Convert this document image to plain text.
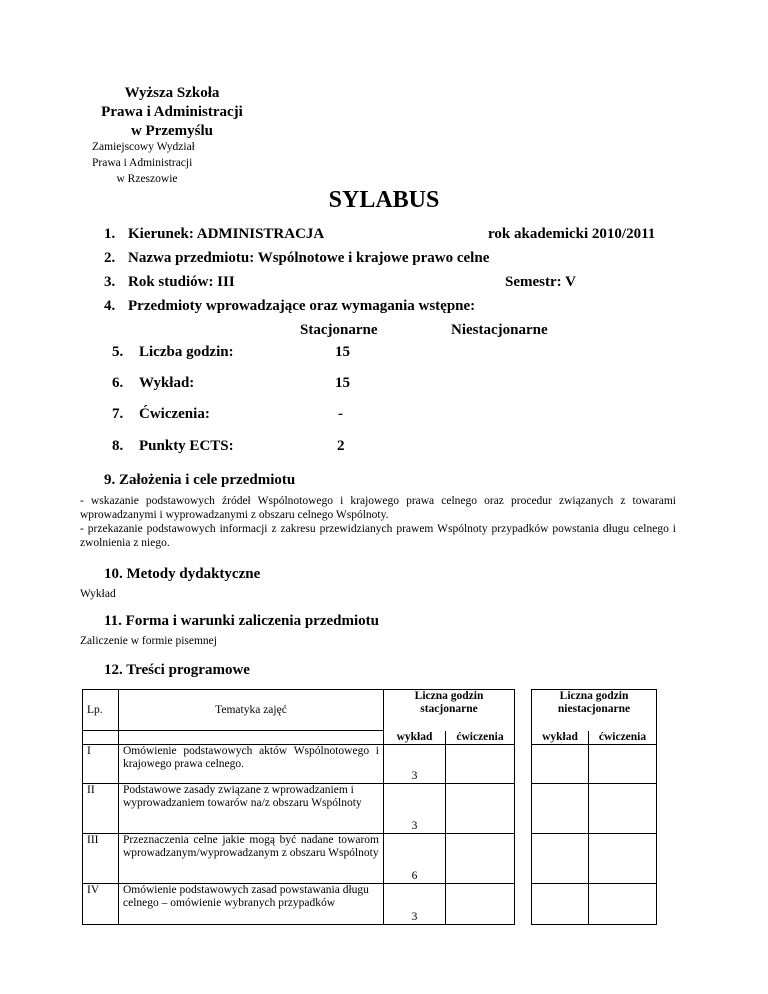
Wyższa Szkoła
Prawa i Administracji
w Przemyślu
Zamiejscowy Wydział
Prawa i Administracji
w Rzeszowie
SYLABUS
1. Kierunek: ADMINISTRACJA	rok akademicki 2010/2011
2. Nazwa przedmiotu: Wspólnotowe i krajowe prawo celne
3. Rok studiów: III	Semestr: V
4. Przedmioty wprowadzające oraz wymagania wstępne:
Stacjonarne	Niestacjonarne
5. Liczba godzin:	15
6. Wykład:	15
7. Ćwiczenia:	-
8. Punkty ECTS:	2
9. Założenia i cele przedmiotu
- wskazanie podstawowych źródeł Wspólnotowego i krajowego prawa celnego oraz procedur związanych z towarami wprowadzanymi i wyprowadzanymi z obszaru celnego Wspólnoty.
- przekazanie podstawowych informacji z zakresu przewidzianych prawem Wspólnoty przypadków powstania długu celnego i zwolnienia z niego.
10. Metody dydaktyczne
Wykład
11. Forma i warunki zaliczenia przedmiotu
Zaliczenie w formie pisemnej
12. Treści programowe
Lp.	Tematyka zajęć	Liczna godzin stacjonarne			Liczna godzin niestacjonarne	
		wykład	ćwiczenia		wykład	ćwiczenia
I	Omówienie podstawowych aktów Wspólnotowego i krajowego prawa celnego.	3				
II	Podstawowe zasady związane z wprowadzaniem i wyprowadzaniem towarów na/z obszaru Wspólnoty	3				
III	Przeznaczenia celne jakie mogą być nadane towarom wprowadzanym/wyprowadzanym z obszaru Wspólnoty	6				
IV	Omówienie podstawowych zasad powstawania długu celnego – omówienie wybranych przypadków	3				
